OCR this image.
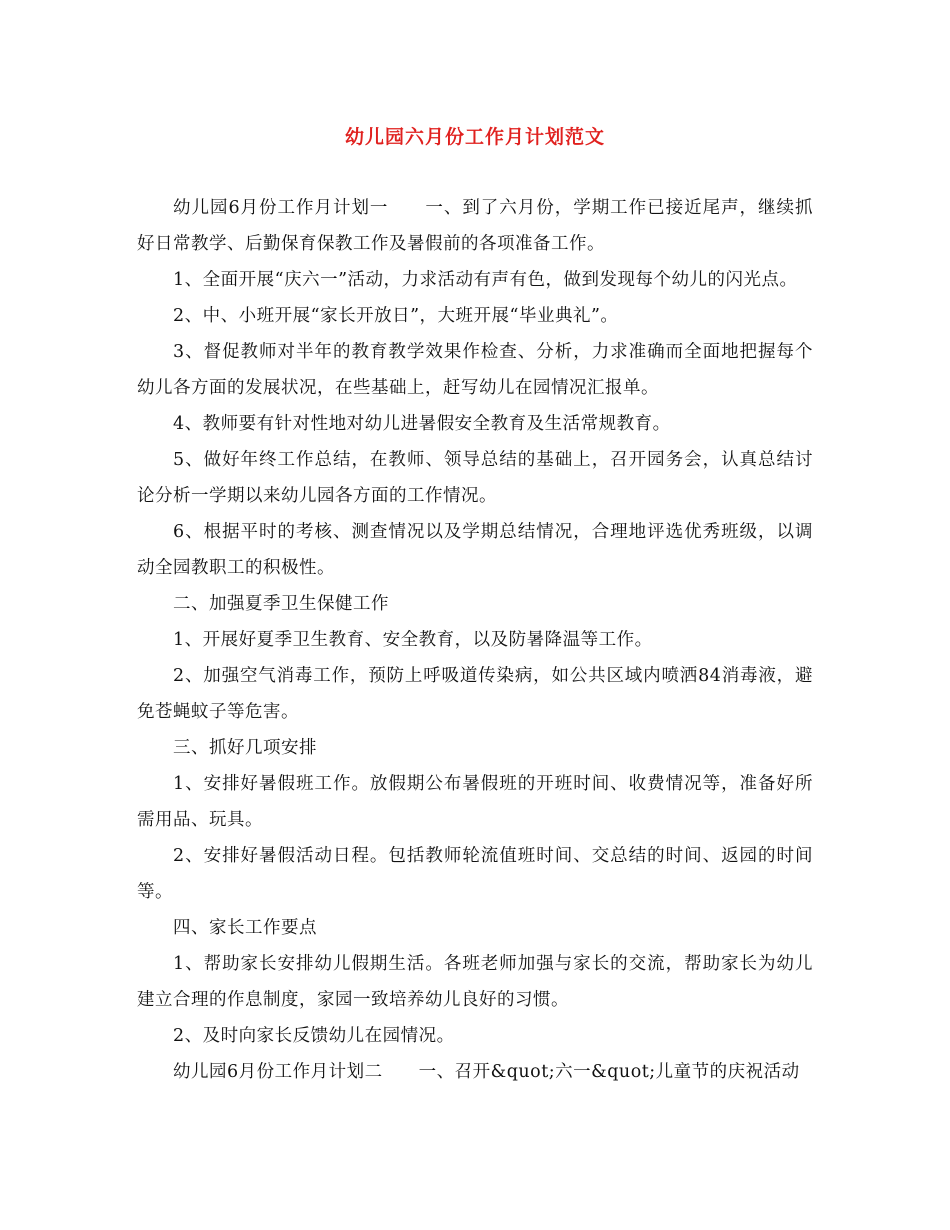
幼儿园六月份工作月计划范文

幼儿园6月份工作月计划一　　一、到了六月份，学期工作已接近尾声，继续抓好日常教学、后勤保育保教工作及暑假前的各项准备工作。

1、全面开展“庆六一”活动，力求活动有声有色，做到发现每个幼儿的闪光点。

2、中、小班开展“家长开放日”，大班开展“毕业典礼”。

3、督促教师对半年的教育教学效果作检查、分析，力求准确而全面地把握每个幼儿各方面的发展状况，在些基础上，赶写幼儿在园情况汇报单。

4、教师要有针对性地对幼儿进暑假安全教育及生活常规教育。

5、做好年终工作总结，在教师、领导总结的基础上，召开园务会，认真总结讨论分析一学期以来幼儿园各方面的工作情况。

6、根据平时的考核、测查情况以及学期总结情况，合理地评选优秀班级，以调动全园教职工的积极性。

二、加强夏季卫生保健工作

1、开展好夏季卫生教育、安全教育，以及防暑降温等工作。

2、加强空气消毒工作，预防上呼吸道传染病，如公共区域内喷洒84消毒液，避免苍蝇蚊子等危害。

三、抓好几项安排

1、安排好暑假班工作。放假期公布暑假班的开班时间、收费情况等，准备好所需用品、玩具。

2、安排好暑假活动日程。包括教师轮流值班时间、交总结的时间、返园的时间等。

四、家长工作要点

1、帮助家长安排幼儿假期生活。各班老师加强与家长的交流，帮助家长为幼儿建立合理的作息制度，家园一致培养幼儿良好的习惯。

2、及时向家长反馈幼儿在园情况。

幼儿园6月份工作月计划二　　一、召开&quot;六一&quot;儿童节的庆祝活动
